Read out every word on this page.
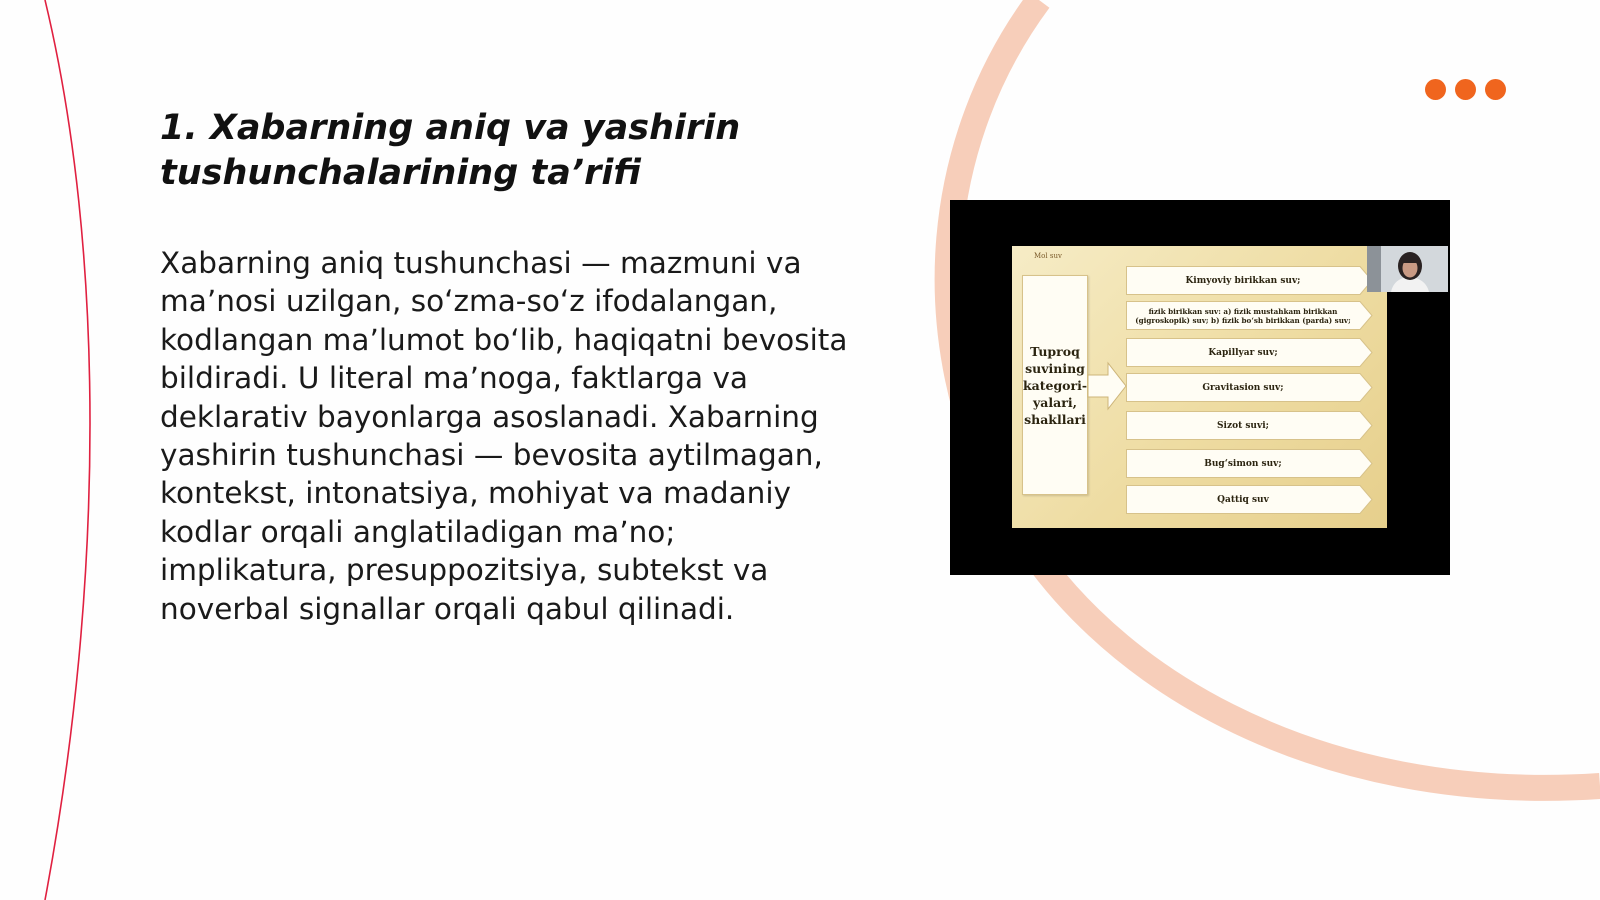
1. Xabarning aniq va yashirin tushunchalarining ta’rifi

Xabarning aniq tushunchasi — mazmuni va ma’nosi uzilgan, so‘zma-so‘z ifodalangan, kodlangan ma’lumot bo‘lib, haqiqatni bevosita bildiradi. U literal ma’noga, faktlarga va deklarativ bayonlarga asoslanadi. Xabarning yashirin tushunchasi — bevosita aytilmagan, kontekst, intonatsiya, mohiyat va madaniy kodlar orqali anglatiladigan ma’no; implikatura, presuppozitsiya, subtekst va noverbal signallar orqali qabul qilinadi.

Mol suv
Tuproq
suvining
kategori-
yalari,
shakllari
Kimyoviy birikkan suv;
fizik birikkan suv: a) fizik mustahkam birikkan (gigroskopik) suv; b) fizik bo‘sh birikkan (parda) suv;
Kapillyar suv;
Gravitasion suv;
Sizot suvi;
Bug‘simon suv;
Qattiq suv
